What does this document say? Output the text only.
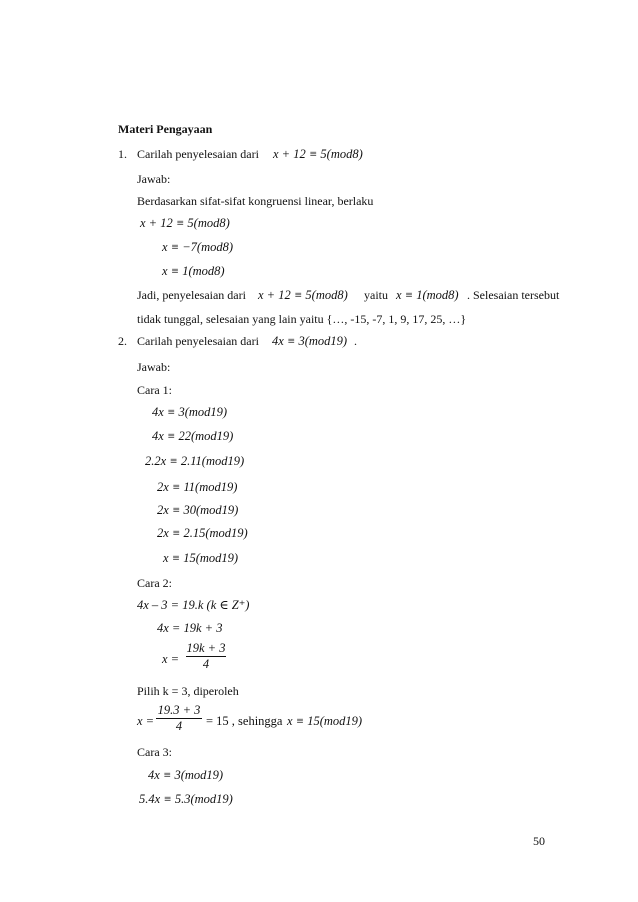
Materi Pengayaan
1. Carilah penyelesaian dari x + 12 ≡ 5(mod8)
Jawab:
Berdasarkan sifat-sifat kongruensi linear, berlaku
x + 12 ≡ 5(mod8)
x ≡ −7(mod8)
x ≡ 1(mod8)
Jadi, penyelesaian dari x + 12 ≡ 5(mod8) yaitu x ≡ 1(mod8) . Selesaian tersebut
tidak tunggal, selesaian yang lain yaitu {…, -15, -7, 1, 9, 17, 25, …}
2. Carilah penyelesaian dari 4x ≡ 3(mod19) .
Jawab:
Cara 1:
4x ≡ 3(mod19)
4x ≡ 22(mod19)
2.2x ≡ 2.11(mod19)
2x ≡ 11(mod19)
2x ≡ 30(mod19)
2x ≡ 2.15(mod19)
x ≡ 15(mod19)
Cara 2:
4x – 3 = 19.k (k ∈ Z⁺)
4x = 19k + 3
x =
19k + 3
4
Pilih k = 3, diperoleh
x =
19.3 + 3
4	= 15 , sehingga x ≡ 15(mod19)
Cara 3:
4x ≡ 3(mod19)
5.4x ≡ 5.3(mod19)
50
